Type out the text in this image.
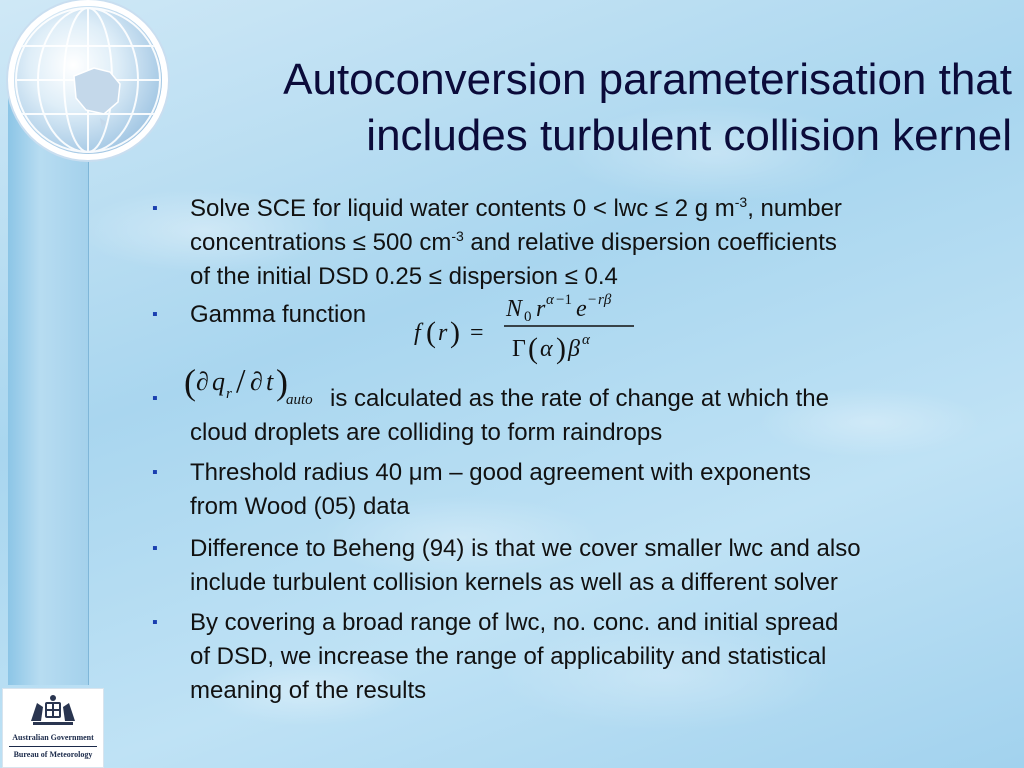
Autoconversion parameterisation that
includes turbulent collision kernel
▪ Solve SCE for liquid water contents 0 < lwc ≤ 2 g $m^{-3}$, number
concentrations ≤ 500 $cm^{-3}$ and relative dispersion coefficients
of the initial DSD 0.25 ≤ dispersion ≤ 0.4
▪ Gamma function
f ( r ) =
N 0 r α −1 e − rβ
Γ ( α ) β α
( ∂ q r / ∂ t )
auto
▪	is calculated as the rate of change at which the
cloud droplets are colliding to form raindrops
▪ Threshold radius 40 μm – good agreement with exponents
from Wood (05) data
▪ Difference to Beheng (94) is that we cover smaller lwc and also
include turbulent collision kernels as well as a different solver
▪ By covering a broad range of lwc, no. conc. and initial spread
of DSD, we increase the range of applicability and statistical
meaning of the results
Australian Government
Bureau of Meteorology
